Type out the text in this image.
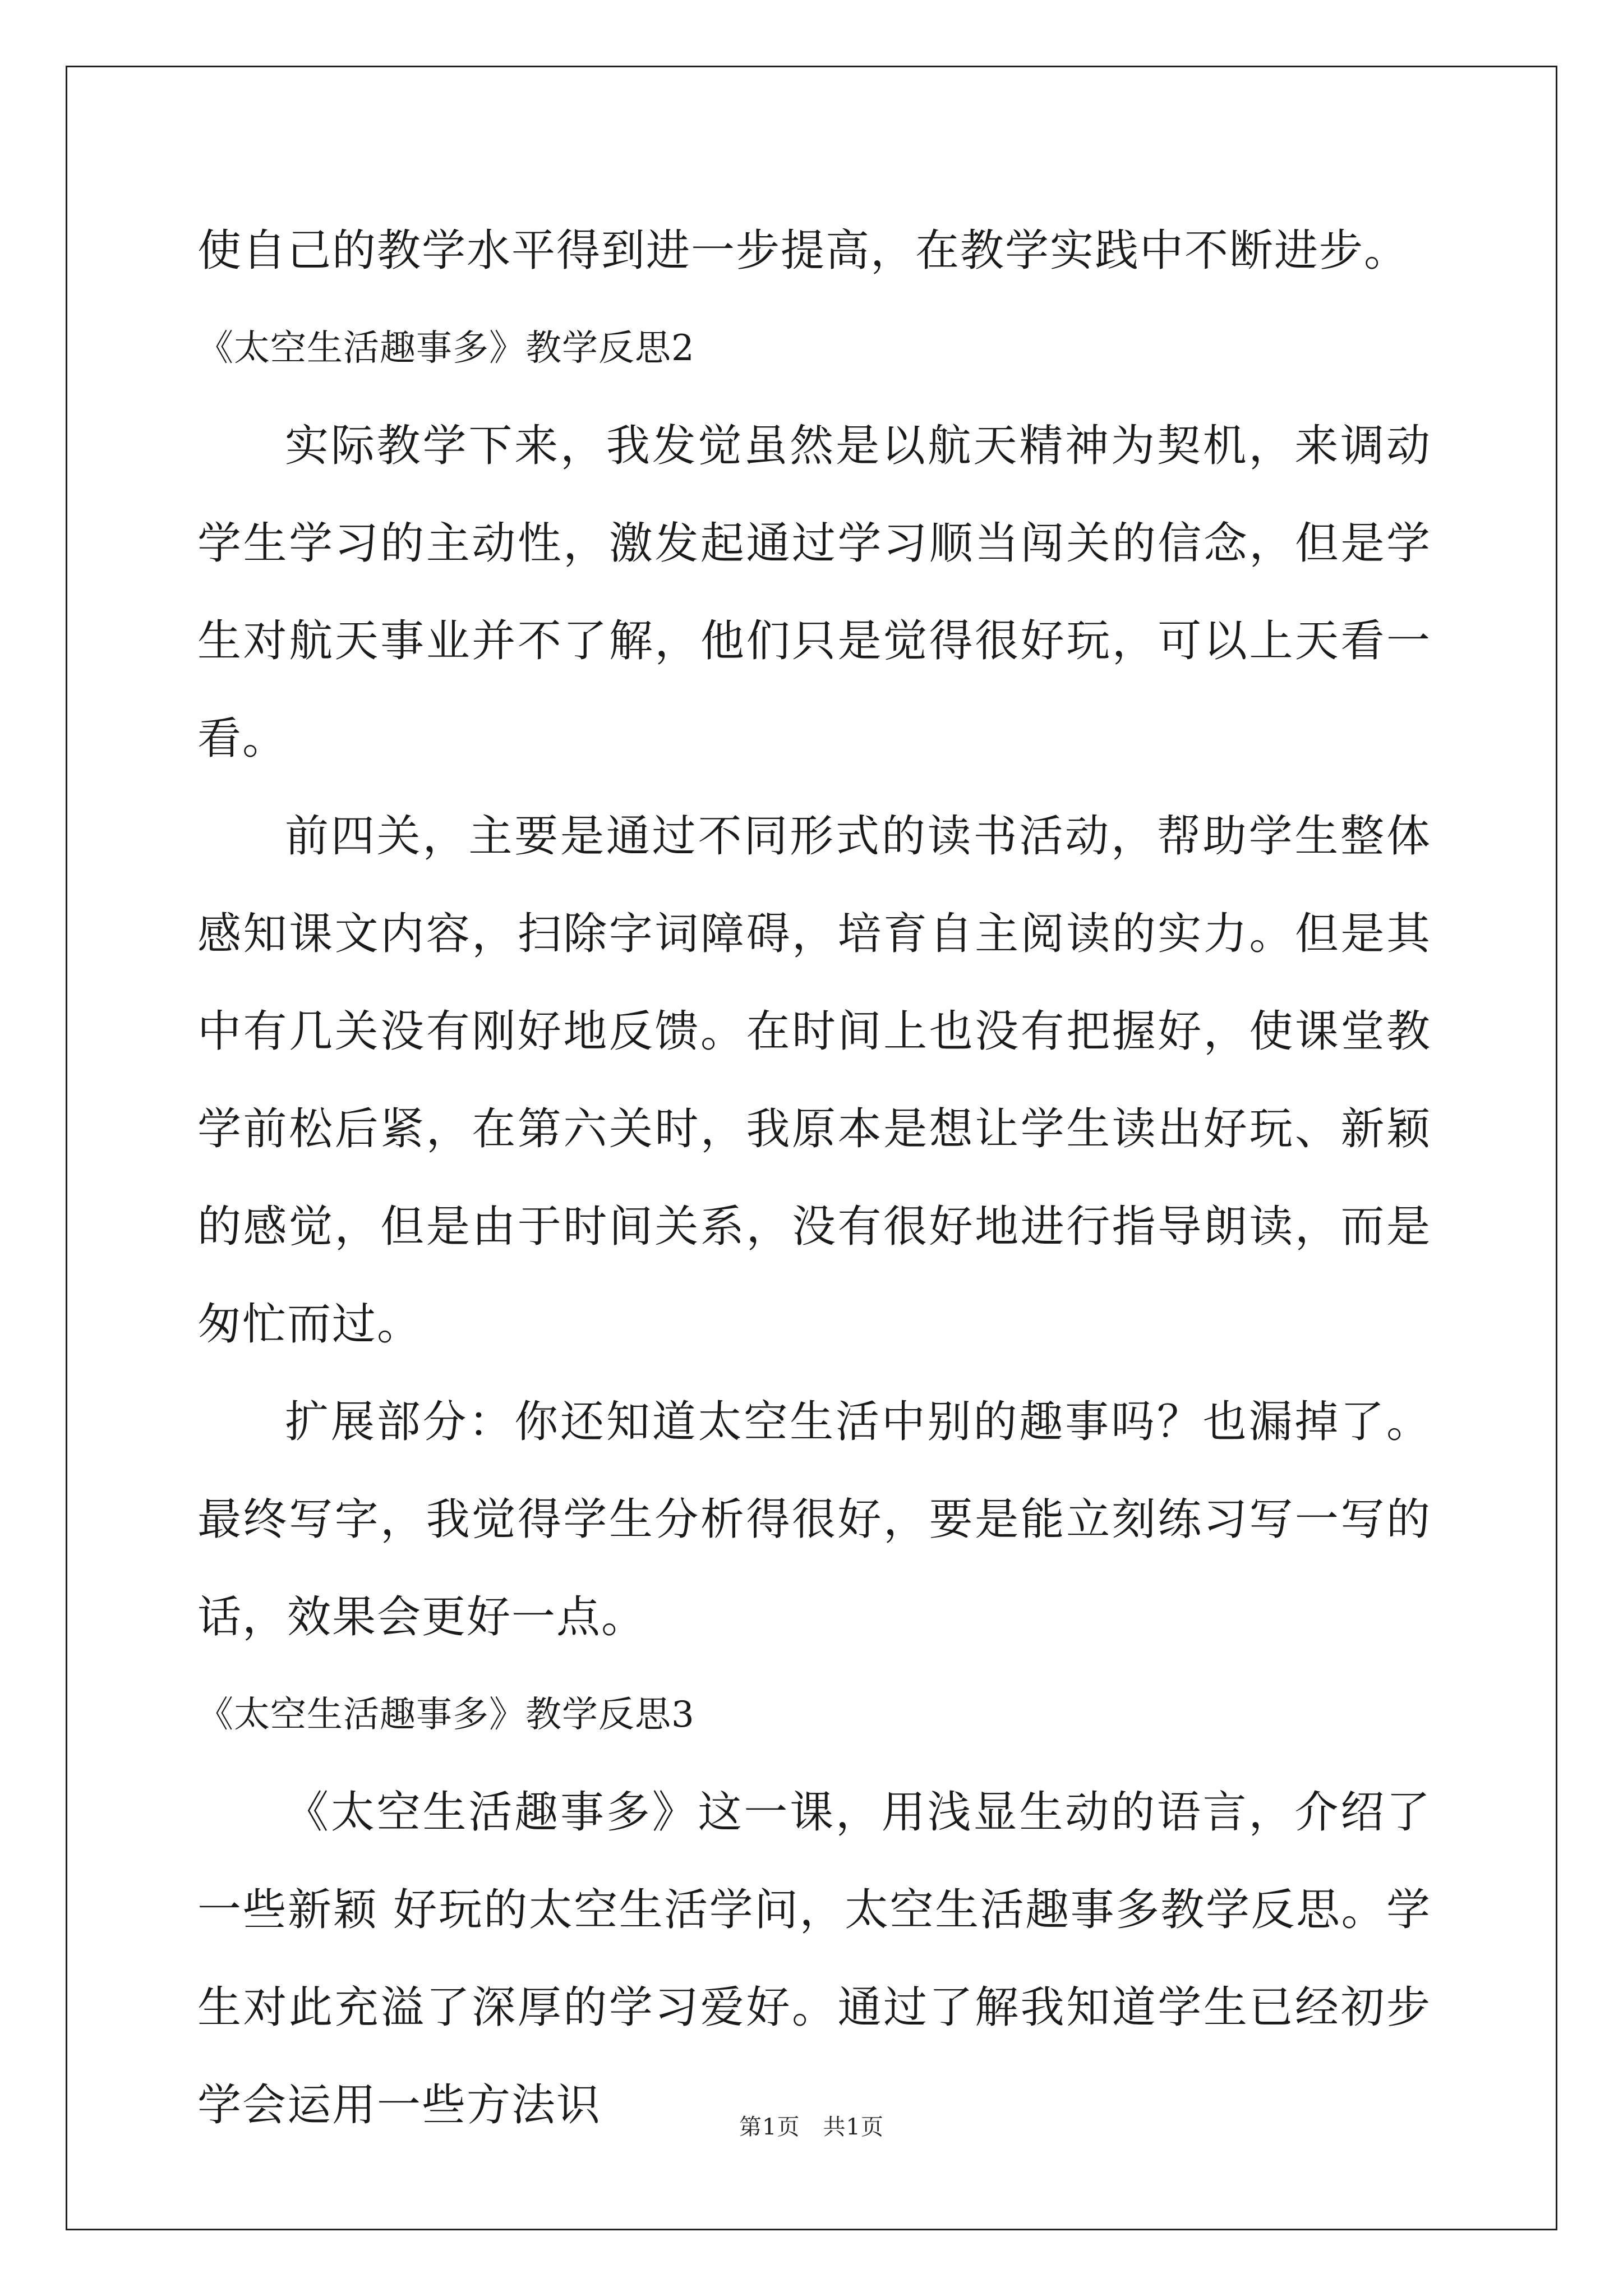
使自己的教学水平得到进一步提高，在教学实践中不断进步。

《太空生活趣事多》教学反思2

实际教学下来，我发觉虽然是以航天精神为契机，来调动学生学习的主动性，激发起通过学习顺当闯关的信念，但是学生对航天事业并不了解，他们只是觉得很好玩，可以上天看一看。

前四关，主要是通过不同形式的读书活动，帮助学生整体感知课文内容，扫除字词障碍，培育自主阅读的实力。但是其中有几关没有刚好地反馈。在时间上也没有把握好，使课堂教学前松后紧，在第六关时，我原本是想让学生读出好玩、新颖 的感觉，但是由于时间关系，没有很好地进行指导朗读，而是匆忙而过。

扩展部分：你还知道太空生活中别的趣事吗？也漏掉了。最终写字，我觉得学生分析得很好，要是能立刻练习写一写的话，效果会更好一点。

《太空生活趣事多》教学反思3

《太空生活趣事多》这一课，用浅显生动的语言，介绍了一些新颖 好玩的太空生活学问，太空生活趣事多教学反思。学生对此充溢了深厚的学习爱好。通过了解我知道学生已经初步学会运用一些方法识	第1页　共1页
